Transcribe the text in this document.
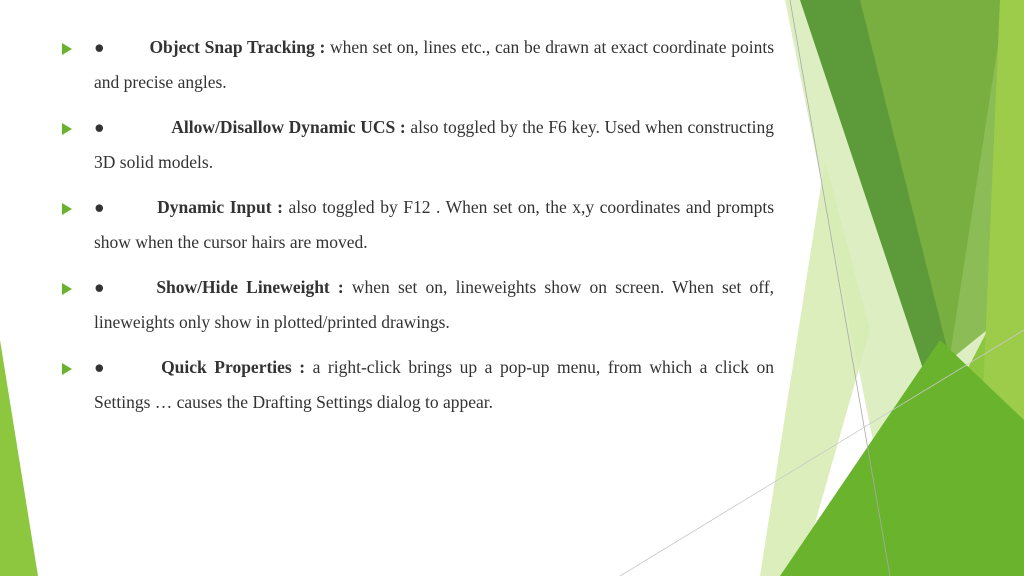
●	Object Snap Tracking : when set on, lines etc., can be drawn at exact coordinate points and precise angles.
●	Allow/Disallow Dynamic UCS : also toggled by the F6 key. Used when constructing 3D solid models.
●	Dynamic Input : also toggled by F12 . When set on, the x,y coordinates and prompts show when the cursor hairs are moved.
●	Show/Hide Lineweight : when set on, lineweights show on screen. When set off, lineweights only show in plotted/printed drawings.
●	Quick Properties : a right-click brings up a pop-up menu, from which a click on Settings … causes the Drafting Settings dialog to appear.
